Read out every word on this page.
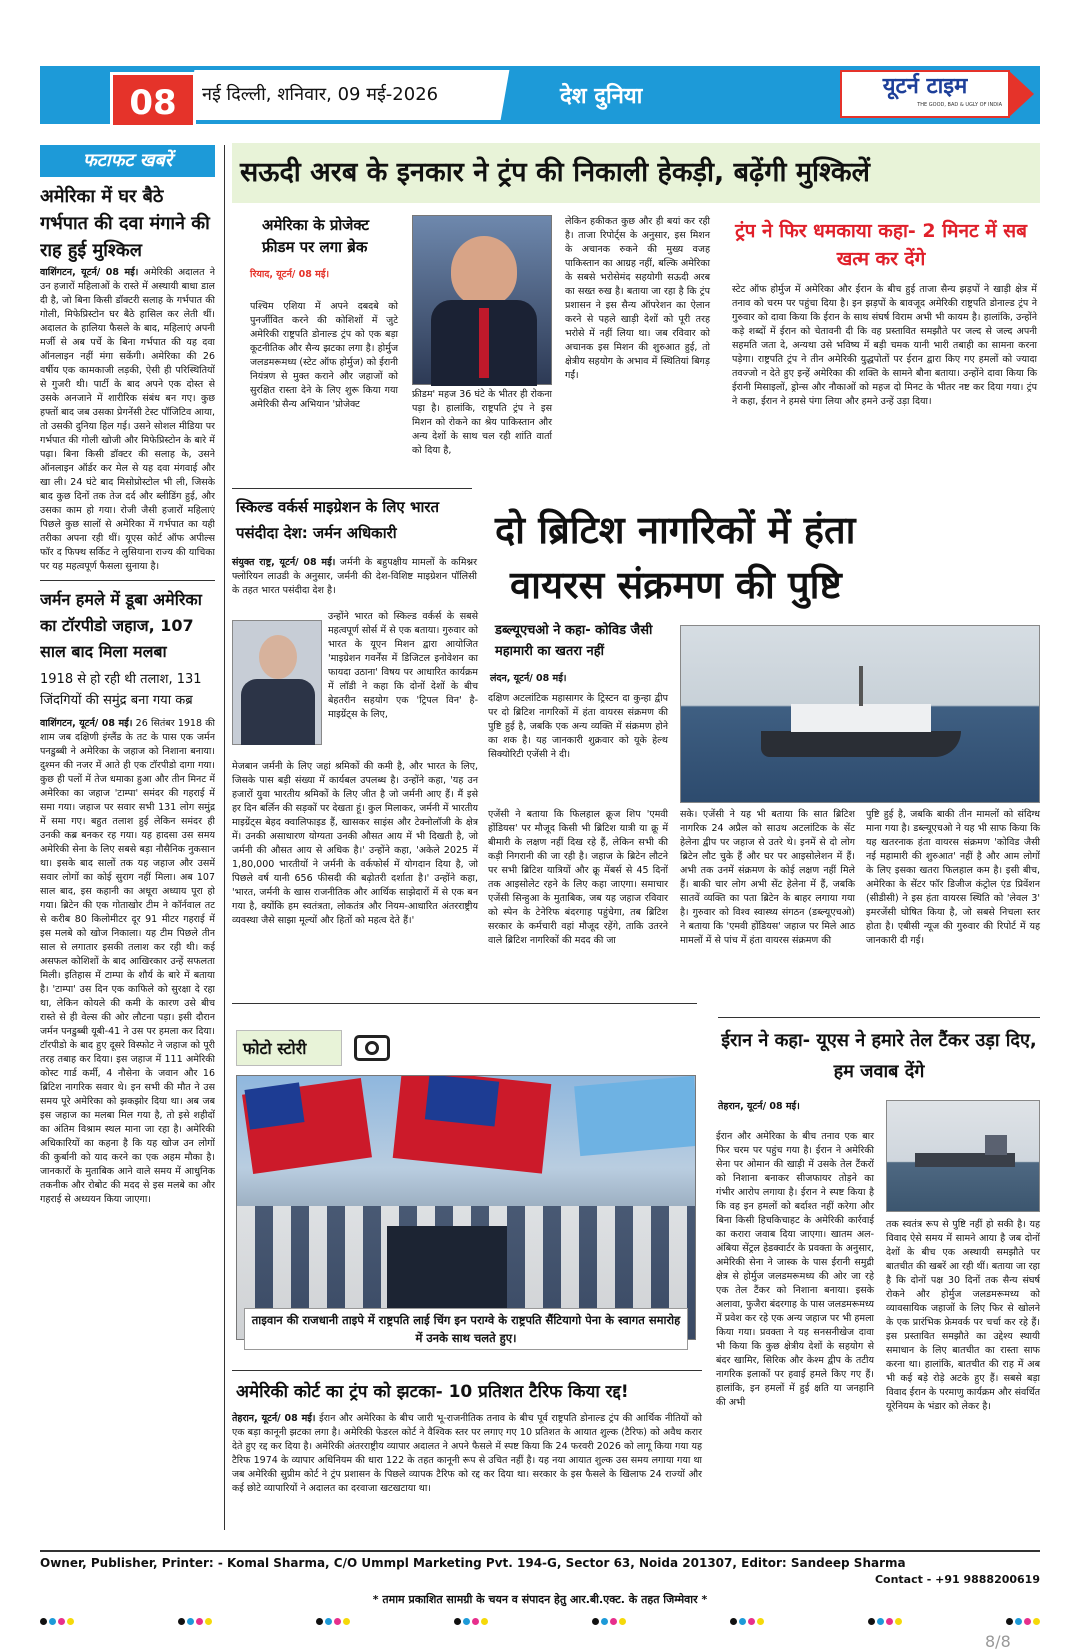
08	नई दिल्ली, शनिवार, 09 मई-2026	देश दुनिया	यूटर्न टाइम
THE GOOD, BAD & UGLY OF INDIA
फटाफट खबरें
अमेरिका में घर बैठे गर्भपात की दवा मंगाने की राह हुई मुश्किल
वाशिंगटन, यूटर्न/ 08 मई। अमेरिकी अदालत ने उन हजारों महिलाओं के रास्ते में अस्थायी बाधा डाल दी है, जो बिना किसी डॉक्टरी सलाह के गर्भपात की गोली, मिफेप्रिस्टोन घर बैठे हासिल कर लेती थीं। अदालत के हालिया फैसले के बाद, महिलाएं अपनी मर्जी से अब पर्चे के बिना गर्भपात की यह दवा ऑनलाइन नहीं मंगा सकेंगी। अमेरिका की 26 वर्षीय एक कामकाजी लड़की, ऐसी ही परिस्थितियों से गुजरी थी। पार्टी के बाद अपने एक दोस्त से उसके अनजाने में शारीरिक संबंध बन गए। कुछ हफ्तों बाद जब उसका प्रेगनेंसी टेस्ट पॉजिटिव आया, तो उसकी दुनिया हिल गई। उसने सोशल मीडिया पर गर्भपात की गोली खोजी और मिफेप्रिस्टोन के बारे में पढ़ा। बिना किसी डॉक्टर की सलाह के, उसने ऑनलाइन ऑर्डर कर मेल से यह दवा मंगवाई और खा ली। 24 घंटे बाद मिसोप्रोस्टोल भी ली, जिसके बाद कुछ दिनों तक तेज दर्द और ब्लीडिंग हुई, और उसका काम हो गया। रोजी जैसी हजारों महिलाएं पिछले कुछ सालों से अमेरिका में गर्भपात का यही तरीका अपना रही थीं। यूएस कोर्ट ऑफ अपील्स फॉर द फिफ्थ सर्किट ने लुसियाना राज्य की याचिका पर यह महत्वपूर्ण फैसला सुनाया है।
जर्मन हमले में डूबा अमेरिका का टॉरपीडो जहाज, 107 साल बाद मिला मलबा
1918 से हो रही थी तलाश, 131 जिंदगियों की समुंद्र बना गया कब्र
वाशिंगटन, यूटर्न/ 08 मई। 26 सितंबर 1918 की शाम जब दक्षिणी इंग्लैंड के तट के पास एक जर्मन पनडुब्बी ने अमेरिका के जहाज को निशाना बनाया। दुश्मन की नजर में आते ही एक टॉरपीडो दागा गया। कुछ ही पलों में तेज धमाका हुआ और तीन मिनट में अमेरिका का जहाज 'टाम्पा' समंदर की गहराई में समा गया। जहाज पर सवार सभी 131 लोग समुंद्र में समा गए। बहुत तलाश हुई लेकिन समंदर ही उनकी कब्र बनकर रह गया। यह हादसा उस समय अमेरिकी सेना के लिए सबसे बड़ा नौसैनिक नुकसान था। इसके बाद सालों तक यह जहाज और उसमें सवार लोगों का कोई सुराग नहीं मिला। अब 107 साल बाद, इस कहानी का अधूरा अध्याय पूरा हो गया। ब्रिटेन की एक गोताखोर टीम ने कॉर्नवाल तट से करीब 80 किलोमीटर दूर 91 मीटर गहराई में इस मलबे को खोज निकाला। यह टीम पिछले तीन साल से लगातार इसकी तलाश कर रही थी। कई असफल कोशिशों के बाद आखिरकार उन्हें सफलता मिली। इतिहास में टाम्पा के शौर्य के बारे में बताया है। 'टाम्पा' उस दिन एक काफिले को सुरक्षा दे रहा था, लेकिन कोयले की कमी के कारण उसे बीच रास्ते से ही वेल्स की ओर लौटना पड़ा। इसी दौरान जर्मन पनडुब्बी यूबी-41 ने उस पर हमला कर दिया। टॉरपीडो के बाद हुए दूसरे विस्फोट ने जहाज को पूरी तरह तबाह कर दिया। इस जहाज में 111 अमेरिकी कोस्ट गार्ड कर्मी, 4 नौसेना के जवान और 16 ब्रिटिश नागरिक सवार थे। इन सभी की मौत ने उस समय पूरे अमेरिका को झकझोर दिया था। अब जब इस जहाज का मलबा मिल गया है, तो इसे शहीदों का अंतिम विश्राम स्थल माना जा रहा है। अमेरिकी अधिकारियों का कहना है कि यह खोज उन लोगों की कुर्बानी को याद करने का एक अहम मौका है। जानकारों के मुताबिक आने वाले समय में आधुनिक तकनीक और रोबोट की मदद से इस मलबे का और गहराई से अध्ययन किया जाएगा।
सऊदी अरब के इनकार ने ट्रंप की निकाली हेकड़ी, बढ़ेंगी मुश्किलें
अमेरिका के प्रोजेक्ट फ्रीडम पर लगा ब्रेक
रियाद, यूटर्न/ 08 मई।
पश्चिम एशिया में अपने दबदबे को पुनर्जीवित करने की कोशिशों में जुटे अमेरिकी राष्ट्रपति डोनाल्ड ट्रंप को एक बड़ा कूटनीतिक और सैन्य झटका लगा है। होर्मुज जलडमरूमध्य (स्टेट ऑफ होर्मुज) को ईरानी नियंत्रण से मुक्त कराने और जहाजों को सुरक्षित रास्ता देने के लिए शुरू किया गया अमेरिकी सैन्य अभियान 'प्रोजेक्ट
फ्रीडम' महज 36 घंटे के भीतर ही रोकना पड़ा है। हालांकि, राष्ट्रपति ट्रंप ने इस मिशन को रोकने का श्रेय पाकिस्तान और अन्य देशों के साथ चल रही शांति वार्ता को दिया है,
लेकिन हकीकत कुछ और ही बयां कर रही है। ताजा रिपोर्ट्स के अनुसार, इस मिशन के अचानक रुकने की मुख्य वजह पाकिस्तान का आग्रह नहीं, बल्कि अमेरिका के सबसे भरोसेमंद सहयोगी सऊदी अरब का सख्त रुख है। बताया जा रहा है कि ट्रंप प्रशासन ने इस सैन्य ऑपरेशन का ऐलान करने से पहले खाड़ी देशों को पूरी तरह भरोसे में नहीं लिया था। जब रविवार को अचानक इस मिशन की शुरुआत हुई, तो क्षेत्रीय सहयोग के अभाव में स्थितियां बिगड़ गईं।
ट्रंप ने फिर धमकाया कहा- 2 मिनट में सब खत्म कर देंगे
स्टेट ऑफ होर्मुज में अमेरिका और ईरान के बीच हुई ताजा सैन्य झड़पों ने खाड़ी क्षेत्र में तनाव को चरम पर पहुंचा दिया है। इन झड़पों के बावजूद अमेरिकी राष्ट्रपति डोनाल्ड ट्रंप ने गुरुवार को दावा किया कि ईरान के साथ संघर्ष विराम अभी भी कायम है। हालांकि, उन्होंने कड़े शब्दों में ईरान को चेतावनी दी कि वह प्रस्तावित समझौते पर जल्द से जल्द अपनी सहमति जता दे, अन्यथा उसे भविष्य में बड़ी चमक यानी भारी तबाही का सामना करना पड़ेगा। राष्ट्रपति ट्रंप ने तीन अमेरिकी युद्धपोतों पर ईरान द्वारा किए गए हमलों को ज्यादा तवज्जो न देते हुए इन्हें अमेरिका की शक्ति के सामने बौना बताया। उन्होंने दावा किया कि ईरानी मिसाइलों, ड्रोन्स और नौकाओं को महज दो मिनट के भीतर नष्ट कर दिया गया। ट्रंप ने कहा, ईरान ने हमसे पंगा लिया और हमने उन्हें उड़ा दिया।
स्किल्ड वर्कर्स माइग्रेशन के लिए भारत पसंदीदा देश: जर्मन अधिकारी
संयुक्त राष्ट्र, यूटर्न/ 08 मई। जर्मनी के बहुपक्षीय मामलों के कमिश्नर फ्लोरियन लाउडी के अनुसार, जर्मनी की देश-विशिष्ट माइग्रेशन पॉलिसी के तहत भारत पसंदीदा देश है।
उन्होंने भारत को स्किल्ड वर्कर्स के सबसे महत्वपूर्ण सोर्स में से एक बताया। गुरुवार को भारत के यूएन मिशन द्वारा आयोजित 'माइग्रेशन गवर्नेंस में डिजिटल इनोवेशन का फायदा उठाना' विषय पर आधारित कार्यक्रम में लॉडी ने कहा कि दोनों देशों के बीच बेहतरीन सहयोग एक 'ट्रिपल विन' है- माइग्रेंट्स के लिए,
मेजबान जर्मनी के लिए जहां श्रमिकों की कमी है, और भारत के लिए, जिसके पास बड़ी संख्या में कार्यबल उपलब्ध है। उन्होंने कहा, 'यह उन हजारों युवा भारतीय श्रमिकों के लिए जीत है जो जर्मनी आए हैं। मैं इसे हर दिन बर्लिन की सड़कों पर देखता हूं। कुल मिलाकर, जर्मनी में भारतीय माइग्रेंट्स बेहद क्वालिफाइड हैं, खासकर साइंस और टेक्नोलॉजी के क्षेत्र में। उनकी असाधारण योग्यता उनकी औसत आय में भी दिखती है, जो जर्मनी की औसत आय से अधिक है।' उन्होंने कहा, 'अकेले 2025 में 1,80,000 भारतीयों ने जर्मनी के वर्कफोर्स में योगदान दिया है, जो पिछले वर्ष यानी 656 फीसदी की बढ़ोतरी दर्शाता है।' उन्होंने कहा, 'भारत, जर्मनी के खास राजनीतिक और आर्थिक साझेदारों में से एक बन गया है, क्योंकि हम स्वतंत्रता, लोकतंत्र और नियम-आधारित अंतरराष्ट्रीय व्यवस्था जैसे साझा मूल्यों और हितों को महत्व देते हैं।'
दो ब्रिटिश नागरिकों में हंता
वायरस संक्रमण की पुष्टि
डब्ल्यूएचओ ने कहा- कोविड जैसी महामारी का खतरा नहीं
लंदन, यूटर्न/ 08 मई।
दक्षिण अटलांटिक महासागर के ट्रिस्टन दा कुन्हा द्वीप पर दो ब्रिटिश नागरिकों में हंता वायरस संक्रमण की पुष्टि हुई है, जबकि एक अन्य व्यक्ति में संक्रमण होने का शक है। यह जानकारी शुक्रवार को यूके हेल्थ सिक्योरिटी एजेंसी ने दी।
एजेंसी ने बताया कि फिलहाल क्रूज शिप 'एमवी होंडियस' पर मौजूद किसी भी ब्रिटिश यात्री या क्रू में बीमारी के लक्षण नहीं दिख रहे हैं, लेकिन सभी की कड़ी निगरानी की जा रही है। जहाज के ब्रिटेन लौटने पर सभी ब्रिटिश यात्रियों और क्रू मेंबर्स से 45 दिनों तक आइसोलेट रहने के लिए कहा जाएगा। समाचार एजेंसी सिन्हुआ के मुताबिक, जब यह जहाज रविवार को स्पेन के टेनेरिफ बंदरगाह पहुंचेगा, तब ब्रिटिश सरकार के कर्मचारी वहां मौजूद रहेंगे, ताकि उतरने वाले ब्रिटिश नागरिकों की मदद की जा
सके। एजेंसी ने यह भी बताया कि सात ब्रिटिश नागरिक 24 अप्रैल को साउथ अटलांटिक के सेंट हेलेना द्वीप पर जहाज से उतरे थे। इनमें से दो लोग ब्रिटेन लौट चुके हैं और घर पर आइसोलेशन में हैं। अभी तक उनमें संक्रमण के कोई लक्षण नहीं मिले हैं। बाकी चार लोग अभी सेंट हेलेना में हैं, जबकि सातवें व्यक्ति का पता ब्रिटेन के बाहर लगाया गया है। गुरुवार को विश्व स्वास्थ्य संगठन (डब्ल्यूएचओ) ने बताया कि 'एमवी होंडियस' जहाज पर मिले आठ मामलों में से पांच में हंता वायरस संक्रमण की
पुष्टि हुई है, जबकि बाकी तीन मामलों को संदिग्ध माना गया है। डब्ल्यूएचओ ने यह भी साफ किया कि यह खतरनाक हंता वायरस संक्रमण 'कोविड जैसी नई महामारी की शुरुआत' नहीं है और आम लोगों के लिए इसका खतरा फिलहाल कम है। इसी बीच, अमेरिका के सेंटर फॉर डिजीज कंट्रोल एंड प्रिवेंशन (सीडीसी) ने इस हंता वायरस स्थिति को 'लेवल 3' इमरजेंसी घोषित किया है, जो सबसे निचला स्तर होता है। एबीसी न्यूज की गुरुवार की रिपोर्ट में यह जानकारी दी गई।
फोटो स्टोरी
ताइवान की राजधानी ताइपे में राष्ट्रपति लाई चिंग इन पराग्वे के राष्ट्रपति सैंटियागो पेना के स्वागत समारोह में उनके साथ चलते हुए।
ईरान ने कहा- यूएस ने हमारे तेल टैंकर उड़ा दिए, हम जवाब देंगे
तेहरान, यूटर्न/ 08 मई।
ईरान और अमेरिका के बीच तनाव एक बार फिर चरम पर पहुंच गया है। ईरान ने अमेरिकी सेना पर ओमान की खाड़ी में उसके तेल टैंकरों को निशाना बनाकर सीजफायर तोड़ने का गंभीर आरोप लगाया है। ईरान ने स्पष्ट किया है कि वह इन हमलों को बर्दाश्त नहीं करेगा और बिना किसी हिचकिचाहट के अमेरिकी कार्रवाई का करारा जवाब दिया जाएगा। खातम अल-अंबिया सेंट्रल हेडक्वार्टर के प्रवक्ता के अनुसार, अमेरिकी सेना ने जास्क के पास ईरानी समुद्री क्षेत्र से होर्मुज जलडमरूमध्य की ओर जा रहे एक तेल टैंकर को निशाना बनाया। इसके अलावा, फुजैरा बंदरगाह के पास जलडमरूमध्य में प्रवेश कर रहे एक अन्य जहाज पर भी हमला किया गया। प्रवक्ता ने यह सनसनीखेज दावा भी किया कि कुछ क्षेत्रीय देशों के सहयोग से बंदर खामिर, सिरिक और केश्म द्वीप के तटीय नागरिक इलाकों पर हवाई हमले किए गए हैं। हालांकि, इन हमलों में हुई क्षति या जनहानि की अभी
तक स्वतंत्र रूप से पुष्टि नहीं हो सकी है। यह विवाद ऐसे समय में सामने आया है जब दोनों देशों के बीच एक अस्थायी समझौते पर बातचीत की खबरें आ रही थीं। बताया जा रहा है कि दोनों पक्ष 30 दिनों तक सैन्य संघर्ष रोकने और होर्मुज जलडमरूमध्य को व्यावसायिक जहाजों के लिए फिर से खोलने के एक प्रारंभिक फ्रेमवर्क पर चर्चा कर रहे हैं। इस प्रस्तावित समझौते का उद्देश्य स्थायी समाधान के लिए बातचीत का रास्ता साफ करना था। हालांकि, बातचीत की राह में अब भी कई बड़े रोड़े अटके हुए हैं। सबसे बड़ा विवाद ईरान के परमाणु कार्यक्रम और संवर्धित यूरेनियम के भंडार को लेकर है।
अमेरिकी कोर्ट का ट्रंप को झटका- 10 प्रतिशत टैरिफ किया रद्द!
तेहरान, यूटर्न/ 08 मई। ईरान और अमेरिका के बीच जारी भू-राजनीतिक तनाव के बीच पूर्व राष्ट्रपति डोनाल्ड ट्रंप की आर्थिक नीतियों को एक बड़ा कानूनी झटका लगा है। अमेरिकी फेडरल कोर्ट ने वैश्विक स्तर पर लगाए गए 10 प्रतिशत के आयात शुल्क (टैरिफ) को अवैध करार देते हुए रद्द कर दिया है। अमेरिकी अंतरराष्ट्रीय व्यापार अदालत ने अपने फैसले में स्पष्ट किया कि 24 फरवरी 2026 को लागू किया गया यह टैरिफ 1974 के व्यापार अधिनियम की धारा 122 के तहत कानूनी रूप से उचित नहीं है। यह नया आयात शुल्क उस समय लगाया गया था जब अमेरिकी सुप्रीम कोर्ट ने ट्रंप प्रशासन के पिछले व्यापक टैरिफ को रद्द कर दिया था। सरकार के इस फैसले के खिलाफ 24 राज्यों और कई छोटे व्यापारियों ने अदालत का दरवाजा खटखटाया था।
Owner, Publisher, Printer: - Komal Sharma, C/O Ummpl Marketing Pvt. 194-G, Sector 63, Noida 201307, Editor: Sandeep Sharma
Contact - +91 9888200619
* तमाम प्रकाशित सामग्री के चयन व संपादन हेतु आर.बी.एक्ट. के तहत जिम्मेवार *
8/8
